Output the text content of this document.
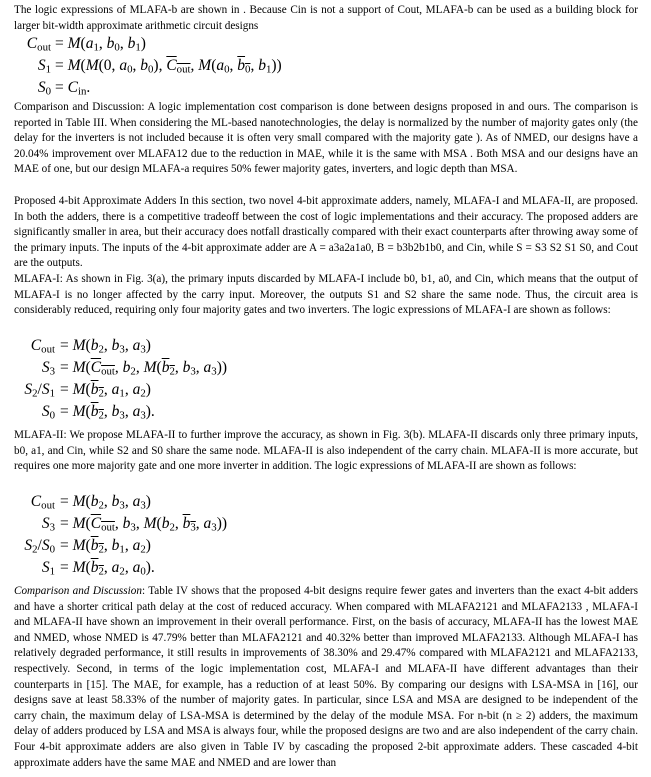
The logic expressions of MLAFA-b are shown in . Because Cin is not a support of Cout, MLAFA-b can be used as a building block for larger bit-width approximate arithmetic circuit designs

$C_{out} = M(a_1$, $b_0$, $b_1$)
$S_1 = M(M(0$, $a_0$, $b_0$), $C_{out}$, $M(a_0$, $b_0$, $b_1$))
$S_0 = C_{in}$.

Comparison and Discussion: A logic implementation cost comparison is done between designs proposed in and ours. The comparison is reported in Table III. When considering the ML-based nanotechnologies, the delay is normalized by the number of majority gates only (the delay for the inverters is not included because it is often very small compared with the majority gate ). As of NMED, our designs have a 20.04% improvement over MLAFA12 due to the reduction in MAE, while it is the same with MSA . Both MSA and our designs have an MAE of one, but our design MLAFA-a requires 50% fewer majority gates, inverters, and logic depth than MSA.

Proposed 4-bit Approximate Adders In this section, two novel 4-bit approximate adders, namely, MLAFA-I and MLAFA-II, are proposed. In both the adders, there is a competitive tradeoff between the cost of logic implementations and their accuracy. The proposed adders are significantly smaller in area, but their accuracy does notfall drastically compared with their exact counterparts after throwing away some of the primary inputs. The inputs of the 4-bit approximate adder are A = a3a2a1a0, B = b3b2b1b0, and Cin, while S = S3 S2 S1 S0, and Cout are the outputs.

MLAFA-I: As shown in Fig. 3(a), the primary inputs discarded by MLAFA-I include b0, b1, a0, and Cin, which means that the output of MLAFA-I is no longer affected by the carry input. Moreover, the outputs S1 and S2 share the same node. Thus, the circuit area is considerably reduced, requiring only four majority gates and two inverters. The logic expressions of MLAFA-I are shown as follows:

$C_{out} = M(b_2$, $b_3$, $a_3$)
$S_3 = M(C_{out}$, $b_2$, $M(b_2$, $b_3$, $a_3$))
$S_2/S_1 = M(b_2$, $a_1$, $a_2$)
$S_0 = M(b_2$, $b_3$, $a_3$).

MLAFA-II: We propose MLAFA-II to further improve the accuracy, as shown in Fig. 3(b). MLAFA-II discards only three primary inputs, b0, a1, and Cin, while S2 and S0 share the same node. MLAFA-II is also independent of the carry chain. MLAFA-II is more accurate, but requires one more majority gate and one more inverter in addition. The logic expressions of MLAFA-II are shown as follows:

$C_{out} = M(b_2$, $b_3$, $a_3$)
$S_3 = M(C_{out}$, $b_3$, $M(b_2$, $b_3$, $a_3$))
$S_2/S_0 = M(b_2$, $b_1$, $a_2$)
$S_1 = M(b_2$, $a_2$, $a_0$).

Comparison and Discussion: Table IV shows that the proposed 4-bit designs require fewer gates and inverters than the exact 4-bit adders and have a shorter critical path delay at the cost of reduced accuracy. When compared with MLAFA2121 and MLAFA2133 , MLAFA-I and MLAFA-II have shown an improvement in their overall performance. First, on the basis of accuracy, MLAFA-II has the lowest MAE and NMED, whose NMED is 47.79% better than MLAFA2121 and 40.32% better than improved MLAFA2133. Although MLAFA-I has relatively degraded performance, it still results in improvements of 38.30% and 29.47% compared with MLAFA2121 and MLAFA2133, respectively. Second, in terms of the logic implementation cost, MLAFA-I and MLAFA-II have different advantages than their counterparts in [15]. The MAE, for example, has a reduction of at least 50%. By comparing our designs with LSA-MSA in [16], our designs save at least 58.33% of the number of majority gates. In particular, since LSA and MSA are designed to be independent of the carry chain, the maximum delay of LSA-MSA is determined by the delay of the module MSA. For n-bit (n ≥ 2) adders, the maximum delay of adders produced by LSA and MSA is always four, while the proposed designs are two and are also independent of the carry chain. Four 4-bit approximate adders are also given in Table IV by cascading the proposed 2-bit approximate adders. These cascaded 4-bit approximate adders have the same MAE and NMED and are lower than
